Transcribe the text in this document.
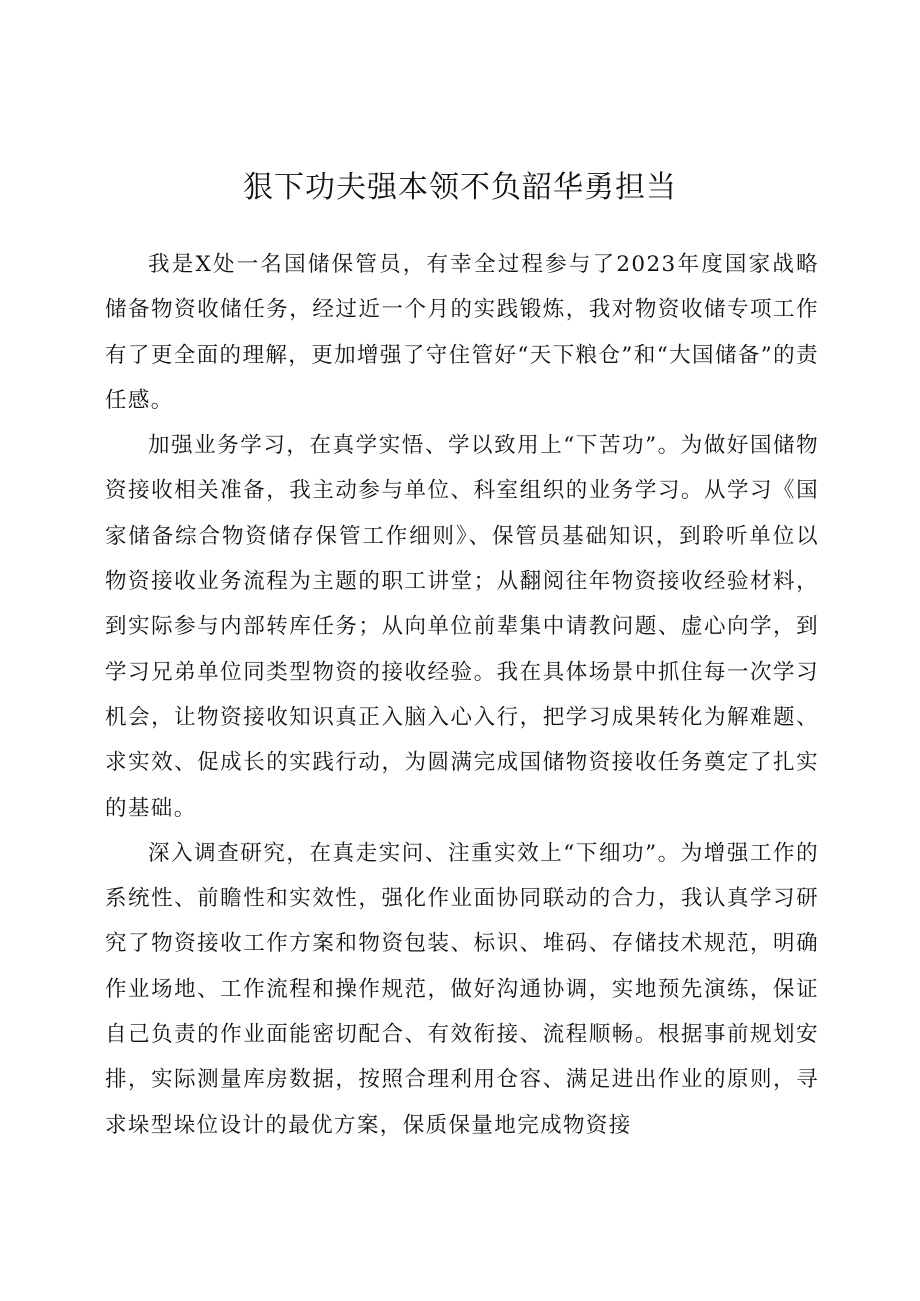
狠下功夫强本领不负韶华勇担当

我是X处一名国储保管员，有幸全过程参与了2023年度国家战略储备物资收储任务，经过近一个月的实践锻炼，我对物资收储专项工作有了更全面的理解，更加增强了守住管好“天下粮仓”和“大国储备”的责任感。

加强业务学习，在真学实悟、学以致用上“下苦功”。为做好国储物资接收相关准备，我主动参与单位、科室组织的业务学习。从学习《国家储备综合物资储存保管工作细则》、保管员基础知识，到聆听单位以物资接收业务流程为主题的职工讲堂；从翻阅往年物资接收经验材料，到实际参与内部转库任务；从向单位前辈集中请教问题、虚心向学，到学习兄弟单位同类型物资的接收经验。我在具体场景中抓住每一次学习机会，让物资接收知识真正入脑入心入行，把学习成果转化为解难题、求实效、促成长的实践行动，为圆满完成国储物资接收任务奠定了扎实的基础。

深入调查研究，在真走实问、注重实效上“下细功”。为增强工作的系统性、前瞻性和实效性，强化作业面协同联动的合力，我认真学习研究了物资接收工作方案和物资包装、标识、堆码、存储技术规范，明确作业场地、工作流程和操作规范，做好沟通协调，实地预先演练，保证自己负责的作业面能密切配合、有效衔接、流程顺畅。根据事前规划安排，实际测量库房数据，按照合理利用仓容、满足进出作业的原则，寻求垛型垛位设计的最优方案，保质保量地完成物资接
